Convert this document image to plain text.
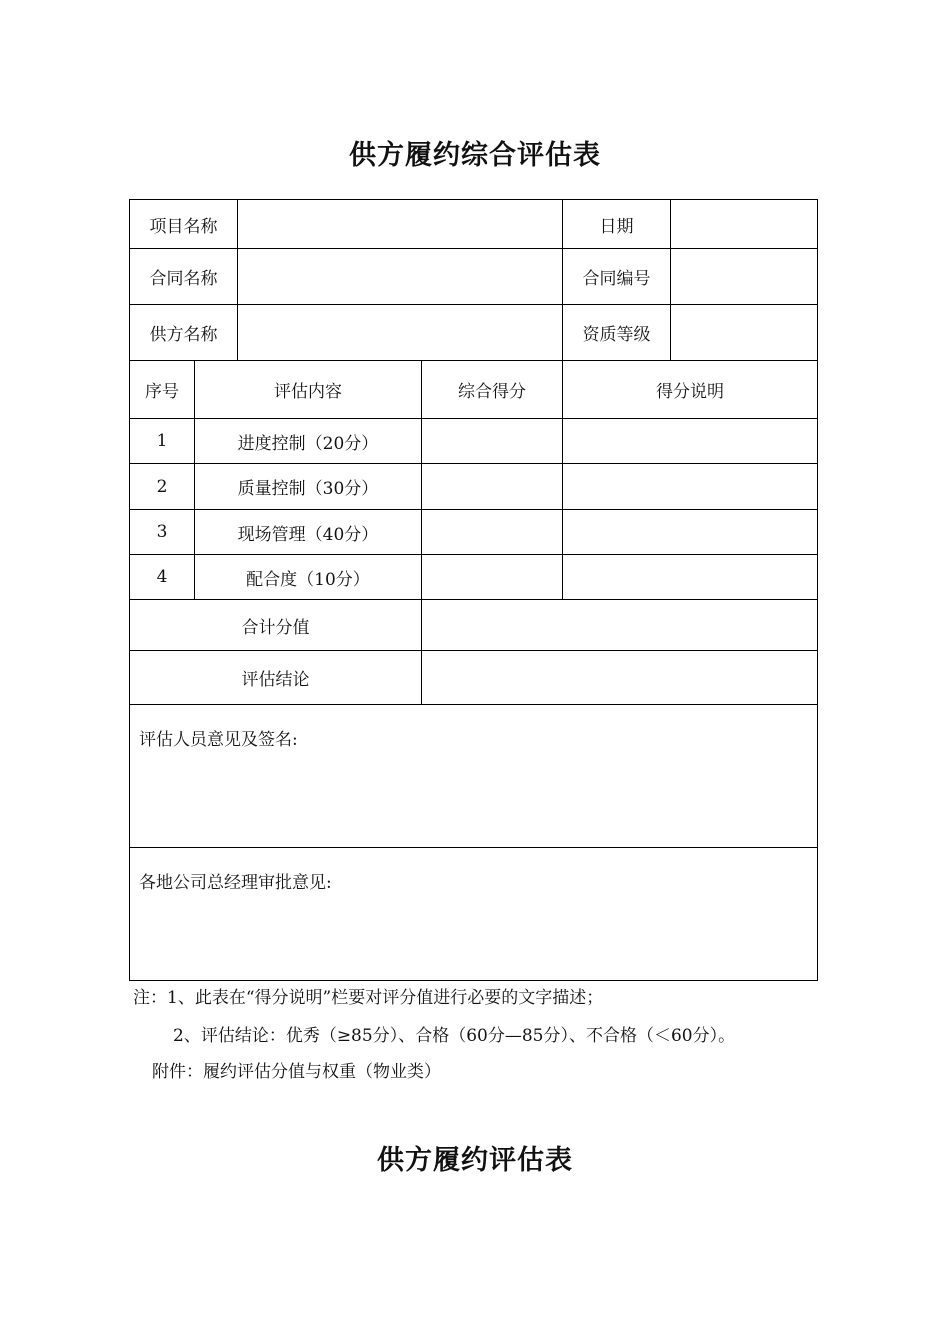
供方履约综合评估表
项目名称				日期	
合同名称				合同编号	
供方名称				资质等级	
序号	评估内容		综合得分	得分说明	
1	进度控制（20分）				
2	质量控制（30分）				
3	现场管理（40分）				
4	配合度（10分）				
合计分值					
评估结论					
评估人员意见及签名:					
各地公司总经理审批意见:					
注：1、此表在“得分说明”栏要对评分值进行必要的文字描述；
2、评估结论：优秀（≥85分）、合格（60分—85分）、不合格（＜60分）。
附件：履约评估分值与权重（物业类）
供方履约评估表
